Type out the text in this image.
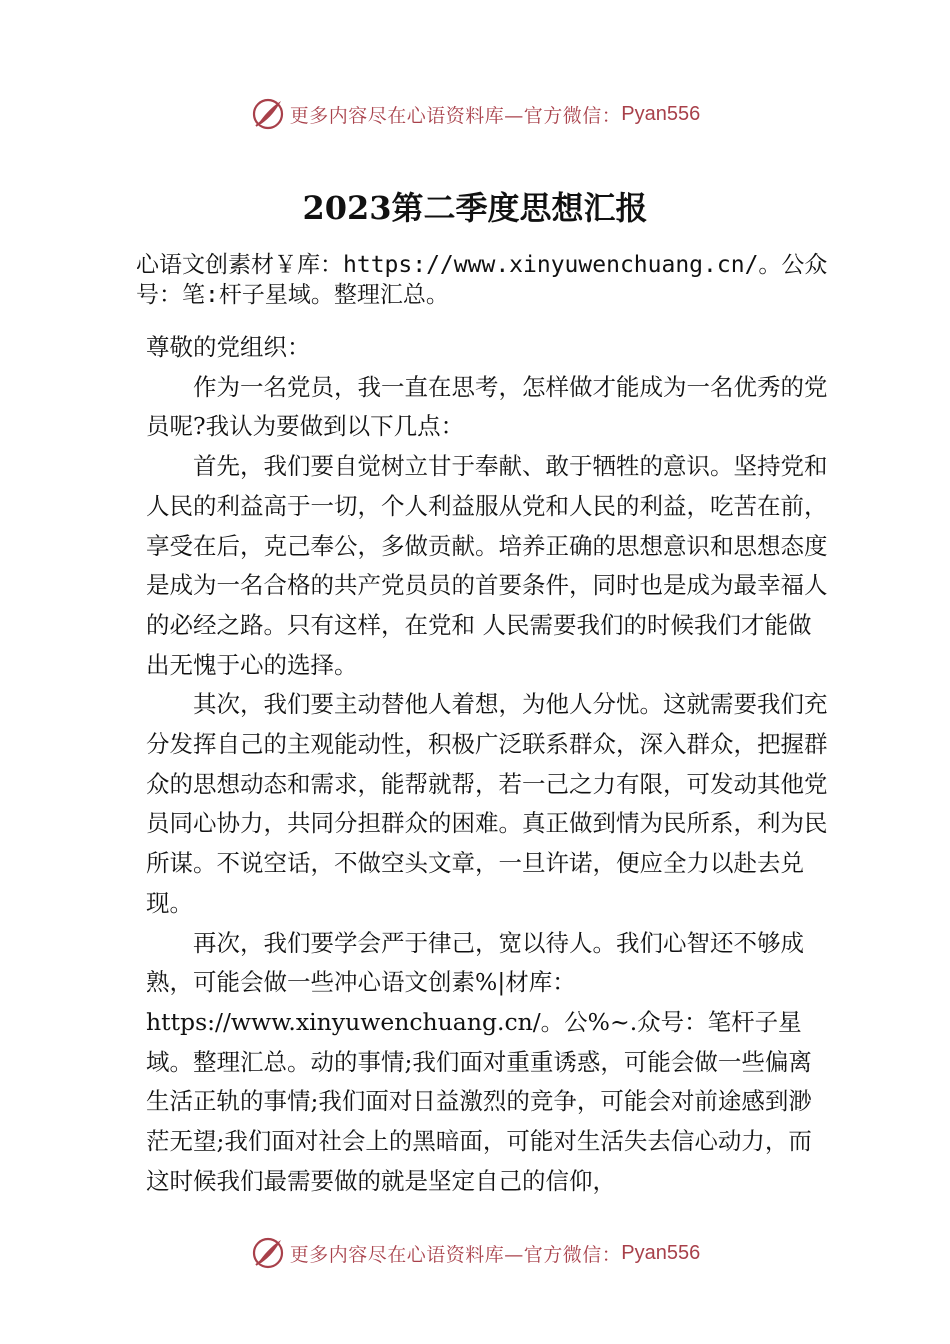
更多内容尽在心语资料库—官方微信： Pyan556
2023第二季度思想汇报

心语文创素材￥库：https://www.xinyuwenchuang.cn/。公众号：笔:杆子星域。整理汇总。

尊敬的党组织：

作为一名党员，我一直在思考，怎样做才能成为一名优秀的党员呢?我认为要做到以下几点：

首先，我们要自觉树立甘于奉献、敢于牺牲的意识。坚持党和人民的利益高于一切，个人利益服从党和人民的利益，吃苦在前，享受在后，克己奉公，多做贡献。培养正确的思想意识和思想态度是成为一名合格的共产党员员的首要条件，同时也是成为最幸福人的必经之路。只有这样，在党和 人民需要我们的时候我们才能做出无愧于心的选择。

其次，我们要主动替他人着想，为他人分忧。这就需要我们充分发挥自己的主观能动性，积极广泛联系群众，深入群众，把握群众的思想动态和需求，能帮就帮，若一己之力有限，可发动其他党员同心协力，共同分担群众的困难。真正做到情为民所系，利为民所谋。不说空话，不做空头文章，一旦许诺，便应全力以赴去兑现。

再次，我们要学会严于律己，宽以待人。我们心智还不够成熟，可能会做一些冲心语文创素%|材库：https://www.xinyuwenchuang.cn/。公%~.众号：笔杆子星域。整理汇总。动的事情;我们面对重重诱惑，可能会做一些偏离生活正轨的事情;我们面对日益激烈的竞争，可能会对前途感到渺茫无望;我们面对社会上的黑暗面，可能对生活失去信心动力，而这时候我们最需要做的就是坚定自己的信仰，

更多内容尽在心语资料库—官方微信： Pyan556
